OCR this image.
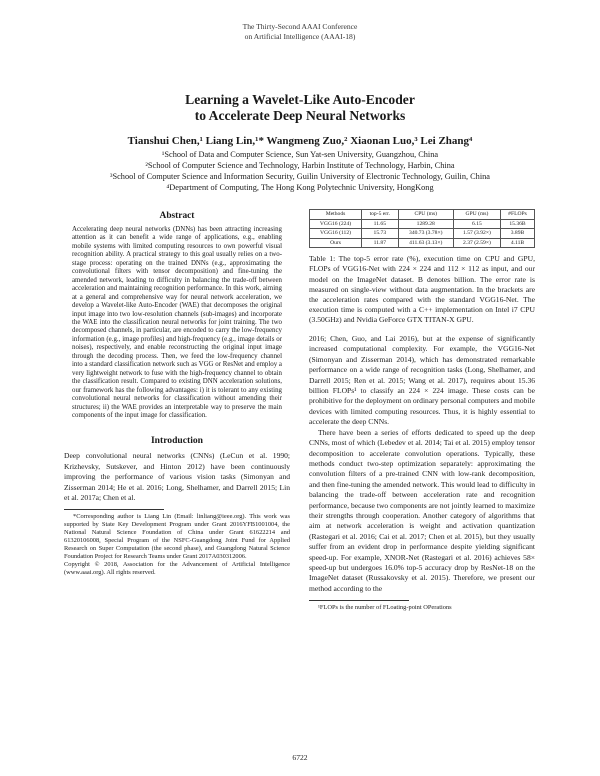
The Thirty-Second AAAI Conference
on Artificial Intelligence (AAAI-18)
Learning a Wavelet-Like Auto-Encoder
to Accelerate Deep Neural Networks
Tianshui Chen,¹ Liang Lin,¹* Wangmeng Zuo,² Xiaonan Luo,³ Lei Zhang⁴
¹School of Data and Computer Science, Sun Yat-sen University, Guangzhou, China
²School of Computer Science and Technology, Harbin Institute of Technology, Harbin, China
³School of Computer Science and Information Security, Guilin University of Electronic Technology, Guilin, China
⁴Department of Computing, The Hong Kong Polytechnic University, HongKong
Abstract

Accelerating deep neural networks (DNNs) has been attracting increasing attention as it can benefit a wide range of applications, e.g., enabling mobile systems with limited computing resources to own powerful visual recognition ability. A practical strategy to this goal usually relies on a two-stage process: operating on the trained DNNs (e.g., approximating the convolutional filters with tensor decomposition) and fine-tuning the amended network, leading to difficulty in balancing the trade-off between acceleration and maintaining recognition performance. In this work, aiming at a general and comprehensive way for neural network acceleration, we develop a Wavelet-like Auto-Encoder (WAE) that decomposes the original input image into two low-resolution channels (sub-images) and incorporate the WAE into the classification neural networks for joint training. The two decomposed channels, in particular, are encoded to carry the low-frequency information (e.g., image profiles) and high-frequency (e.g., image details or noises), respectively, and enable reconstructing the original input image through the decoding process. Then, we feed the low-frequency channel into a standard classification network such as VGG or ResNet and employ a very lightweight network to fuse with the high-frequency channel to obtain the classification result. Compared to existing DNN acceleration solutions, our framework has the following advantages: i) it is tolerant to any existing convolutional neural networks for classification without amending their structures; ii) the WAE provides an interpretable way to preserve the main components of the input image for classification.

Introduction

Deep convolutional neural networks (CNNs) (LeCun et al. 1990; Krizhevsky, Sutskever, and Hinton 2012) have been continuously improving the performance of various vision tasks (Simonyan and Zisserman 2014; He et al. 2016; Long, Shelhamer, and Darrell 2015; Lin et al. 2017a; Chen et al.

*Corresponding author is Liang Lin (Email: linliang@ieee.org). This work was supported by State Key Development Program under Grant 2016YFB1001004, the National Natural Science Foundation of China under Grant 61622214 and 61320106008, Special Program of the NSFC-Guangdong Joint Fund for Applied Research on Super Computation (the second phase), and Guangdong Natural Science Foundation Project for Research Teams under Grant 2017A030312006.

Copyright © 2018, Association for the Advancement of Artificial Intelligence (www.aaai.org). All rights reserved.

Methods	top-5 err.	CPU (ms)	GPU (ms)	#FLOPs
VGG16 (224)	11.65	1289.28	6.15	15.36B
VGG16 (112)	15.73	340.73 (3.78×)	1.57 (3.92×)	3.89B
Ours	11.87	411.63 (3.13×)	2.37 (2.59×)	4.11B

Table 1: The top-5 error rate (%), execution time on CPU and GPU, FLOPs of VGG16-Net with 224 × 224 and 112 × 112 as input, and our model on the ImageNet dataset. B denotes billion. The error rate is measured on single-view without data augmentation. In the brackets are the acceleration rates compared with the standard VGG16-Net. The execution time is computed with a C++ implementation on Intel i7 CPU (3.50GHz) and Nvidia GeForce GTX TITAN-X GPU.

2016; Chen, Guo, and Lai 2016), but at the expense of significantly increased computational complexity. For example, the VGG16-Net (Simonyan and Zisserman 2014), which has demonstrated remarkable performance on a wide range of recognition tasks (Long, Shelhamer, and Darrell 2015; Ren et al. 2015; Wang et al. 2017), requires about 15.36 billion FLOPs¹ to classify an 224 × 224 image. These costs can be prohibitive for the deployment on ordinary personal computers and mobile devices with limited computing resources. Thus, it is highly essential to accelerate the deep CNNs.

There have been a series of efforts dedicated to speed up the deep CNNs, most of which (Lebedev et al. 2014; Tai et al. 2015) employ tensor decomposition to accelerate convolution operations. Typically, these methods conduct two-step optimization separately: approximating the convolution filters of a pre-trained CNN with low-rank decomposition, and then fine-tuning the amended network. This would lead to difficulty in balancing the trade-off between acceleration rate and recognition performance, because two components are not jointly learned to maximize their strengths through cooperation. Another category of algorithms that aim at network acceleration is weight and activation quantization (Rastegari et al. 2016; Cai et al. 2017; Chen et al. 2015), but they usually suffer from an evident drop in performance despite yielding significant speed-up. For example, XNOR-Net (Rastegari et al. 2016) achieves 58× speed-up but undergoes 16.0% top-5 accuracy drop by ResNet-18 on the ImageNet dataset (Russakovsky et al. 2015). Therefore, we present our method according to the

¹FLOPs is the number of FLoating-point OPerations

6722
